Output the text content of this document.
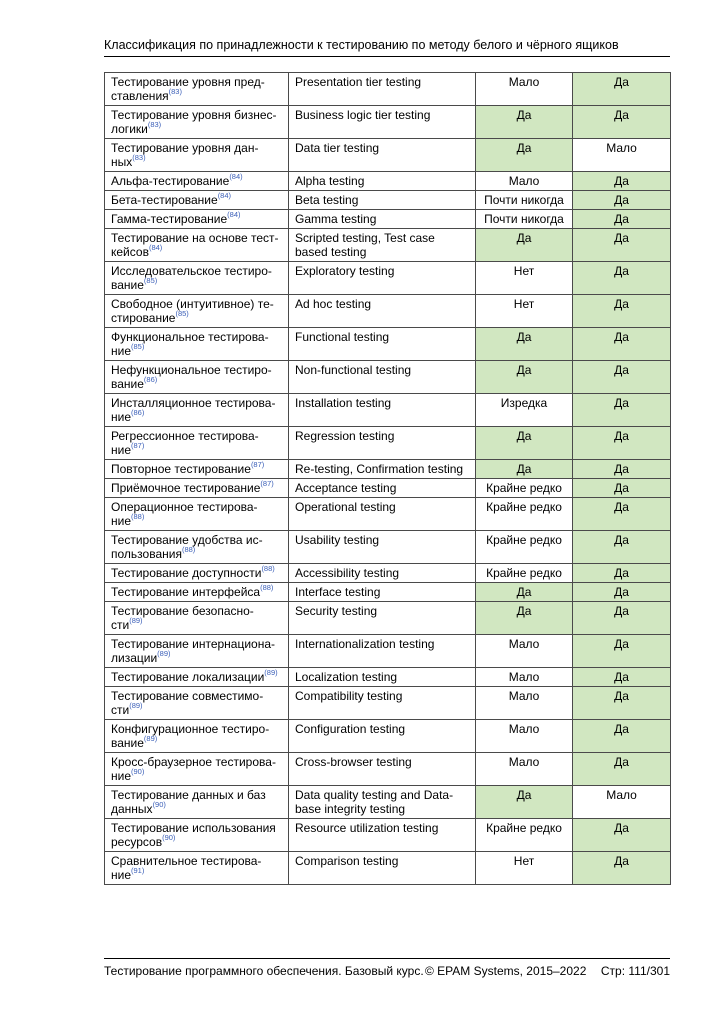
Классификация по принадлежности к тестированию по методу белого и чёрного ящиков
Тестирование уровня пред-ставления$^{(83)}$	Presentation tier testing	Мало	Да
Тестирование уровня бизнес-логики$^{(83)}$	Business logic tier testing	Да	Да
Тестирование уровня дан-ных$^{(83)}$	Data tier testing	Да	Мало
Альфа-тестирование$^{(84)}$	Alpha testing	Мало	Да
Бета-тестирование$^{(84)}$	Beta testing	Почти никогда	Да
Гамма-тестирование$^{(84)}$	Gamma testing	Почти никогда	Да
Тестирование на основе тест-кейсов$^{(84)}$	Scripted testing, Test case based testing	Да	Да
Исследовательское тестиро-вание$^{(85)}$	Exploratory testing	Нет	Да
Свободное (интуитивное) те-стирование$^{(85)}$	Ad hoc testing	Нет	Да
Функциональное тестирова-ние$^{(85)}$	Functional testing	Да	Да
Нефункциональное тестиро-вание$^{(86)}$	Non-functional testing	Да	Да
Инсталляционное тестирова-ние$^{(86)}$	Installation testing	Изредка	Да
Регрессионное тестирова-ние$^{(87)}$	Regression testing	Да	Да
Повторное тестирование$^{(87)}$	Re-testing, Confirmation testing	Да	Да
Приёмочное тестирование$^{(87)}$	Acceptance testing	Крайне редко	Да
Операционное тестирова-ние$^{(88)}$	Operational testing	Крайне редко	Да
Тестирование удобства ис-пользования$^{(88)}$	Usability testing	Крайне редко	Да
Тестирование доступности$^{(88)}$	Accessibility testing	Крайне редко	Да
Тестирование интерфейса$^{(88)}$	Interface testing	Да	Да
Тестирование безопасно-сти$^{(89)}$	Security testing	Да	Да
Тестирование интернациона-лизации$^{(89)}$	Internationalization testing	Мало	Да
Тестирование локализации$^{(89)}$	Localization testing	Мало	Да
Тестирование совместимо-сти$^{(89)}$	Compatibility testing	Мало	Да
Конфигурационное тестиро-вание$^{(89)}$	Configuration testing	Мало	Да
Кросс-браузерное тестирова-ние$^{(90)}$	Cross-browser testing	Мало	Да
Тестирование данных и баз данных$^{(90)}$	Data quality testing and Data-base integrity testing	Да	Мало
Тестирование использования ресурсов$^{(90)}$	Resource utilization testing	Крайне редко	Да
Сравнительное тестирова-ние$^{(91)}$	Comparison testing	Нет	Да
Тестирование программного обеспечения. Базовый курс. © EPAM Systems, 2015–2022 Стр: 111/301
